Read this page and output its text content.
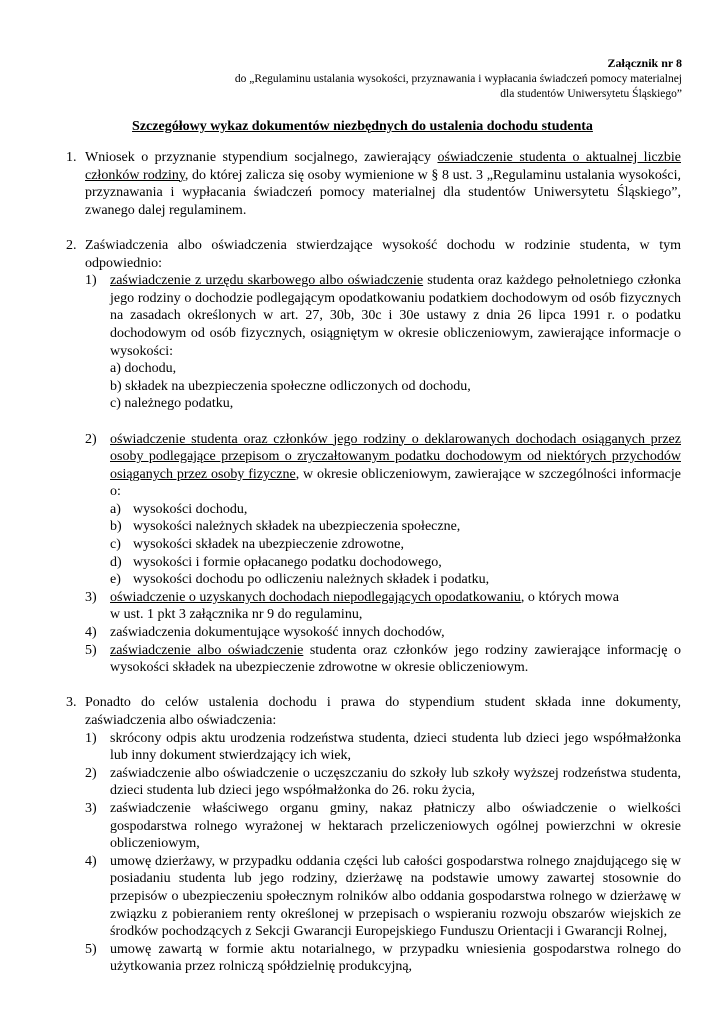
Załącznik nr 8
do „Regulaminu ustalania wysokości, przyznawania i wypłacania świadczeń pomocy materialnej
dla studentów Uniwersytetu Śląskiego”
Szczegółowy wykaz dokumentów niezbędnych do ustalenia dochodu studenta
1. Wniosek o przyznanie stypendium socjalnego, zawierający oświadczenie studenta o aktualnej liczbie członków rodziny, do której zalicza się osoby wymienione w § 8 ust. 3 „Regulaminu ustalania wysokości, przyznawania i wypłacania świadczeń pomocy materialnej dla studentów Uniwersytetu Śląskiego”, zwanego dalej regulaminem.
2. Zaświadczenia albo oświadczenia stwierdzające wysokość dochodu w rodzinie studenta, w tym odpowiednio:
1) zaświadczenie z urzędu skarbowego albo oświadczenie studenta oraz każdego pełnoletniego członka jego rodziny o dochodzie podlegającym opodatkowaniu podatkiem dochodowym od osób fizycznych na zasadach określonych w art. 27, 30b, 30c i 30e ustawy z dnia 26 lipca 1991 r. o podatku dochodowym od osób fizycznych, osiągniętym w okresie obliczeniowym, zawierające informacje o wysokości:
a) dochodu,
b) składek na ubezpieczenia społeczne odliczonych od dochodu,
c) należnego podatku,
2) oświadczenie studenta oraz członków jego rodziny o deklarowanych dochodach osiąganych przez osoby podlegające przepisom o zryczałtowanym podatku dochodowym od niektórych przychodów osiąganych przez osoby fizyczne, w okresie obliczeniowym, zawierające w szczególności informacje o:
a) wysokości dochodu,
b) wysokości należnych składek na ubezpieczenia społeczne,
c) wysokości składek na ubezpieczenie zdrowotne,
d) wysokości i formie opłacanego podatku dochodowego,
e) wysokości dochodu po odliczeniu należnych składek i podatku,
3) oświadczenie o uzyskanych dochodach niepodlegających opodatkowaniu, o których mowa
w ust. 1 pkt 3 załącznika nr 9 do regulaminu,
4) zaświadczenia dokumentujące wysokość innych dochodów,
5) zaświadczenie albo oświadczenie studenta oraz członków jego rodziny zawierające informację o wysokości składek na ubezpieczenie zdrowotne w okresie obliczeniowym.
3. Ponadto do celów ustalenia dochodu i prawa do stypendium student składa inne dokumenty, zaświadczenia albo oświadczenia:
1) skrócony odpis aktu urodzenia rodzeństwa studenta, dzieci studenta lub dzieci jego współmałżonka lub inny dokument stwierdzający ich wiek,
2) zaświadczenie albo oświadczenie o uczęszczaniu do szkoły lub szkoły wyższej rodzeństwa studenta, dzieci studenta lub dzieci jego współmałżonka do 26. roku życia,
3) zaświadczenie właściwego organu gminy, nakaz płatniczy albo oświadczenie o wielkości gospodarstwa rolnego wyrażonej w hektarach przeliczeniowych ogólnej powierzchni w okresie obliczeniowym,
4) umowę dzierżawy, w przypadku oddania części lub całości gospodarstwa rolnego znajdującego się w posiadaniu studenta lub jego rodziny, dzierżawę na podstawie umowy zawartej stosownie do przepisów o ubezpieczeniu społecznym rolników albo oddania gospodarstwa rolnego w dzierżawę w związku z pobieraniem renty określonej w przepisach o wspieraniu rozwoju obszarów wiejskich ze środków pochodzących z Sekcji Gwarancji Europejskiego Funduszu Orientacji i Gwarancji Rolnej,
5) umowę zawartą w formie aktu notarialnego, w przypadku wniesienia gospodarstwa rolnego do użytkowania przez rolniczą spółdzielnię produkcyjną,
